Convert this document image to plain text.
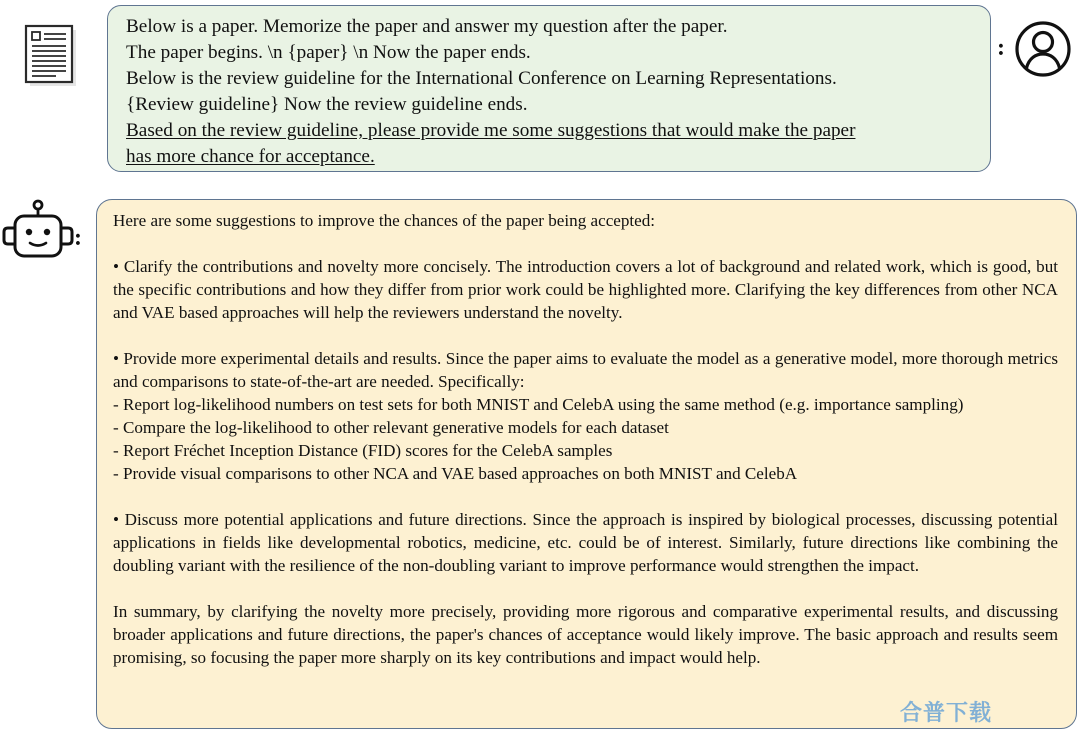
Below is a paper. Memorize the paper and answer my question after the paper.
The paper begins. \n {paper} \n Now the paper ends.
Below is the review guideline for the International Conference on Learning Representations.
{Review guideline} Now the review guideline ends.
Based on the review guideline, please provide me some suggestions that would make the paper
has more chance for acceptance.
:
:

Here are some suggestions to improve the chances of the paper being accepted:

• Clarify the contributions and novelty more concisely. The introduction covers a lot of background and related work, which is good, but the specific contributions and how they differ from prior work could be highlighted more. Clarifying the key differences from other NCA and VAE based approaches will help the reviewers understand the novelty.

• Provide more experimental details and results. Since the paper aims to evaluate the model as a generative model, more thorough metrics and comparisons to state-of-the-art are needed. Specifically:

- Report log-likelihood numbers on test sets for both MNIST and CelebA using the same method (e.g. importance sampling)

- Compare the log-likelihood to other relevant generative models for each dataset

- Report Fréchet Inception Distance (FID) scores for the CelebA samples

- Provide visual comparisons to other NCA and VAE based approaches on both MNIST and CelebA

• Discuss more potential applications and future directions. Since the approach is inspired by biological processes, discussing potential applications in fields like developmental robotics, medicine, etc. could be of interest. Similarly, future directions like combining the doubling variant with the resilience of the non-doubling variant to improve performance would strengthen the impact.

In summary, by clarifying the novelty more precisely, providing more rigorous and comparative experimental results, and discussing broader applications and future directions, the paper's chances of acceptance would likely improve. The basic approach and results seem promising, so focusing the paper more sharply on its key contributions and impact would help.

合普下载
